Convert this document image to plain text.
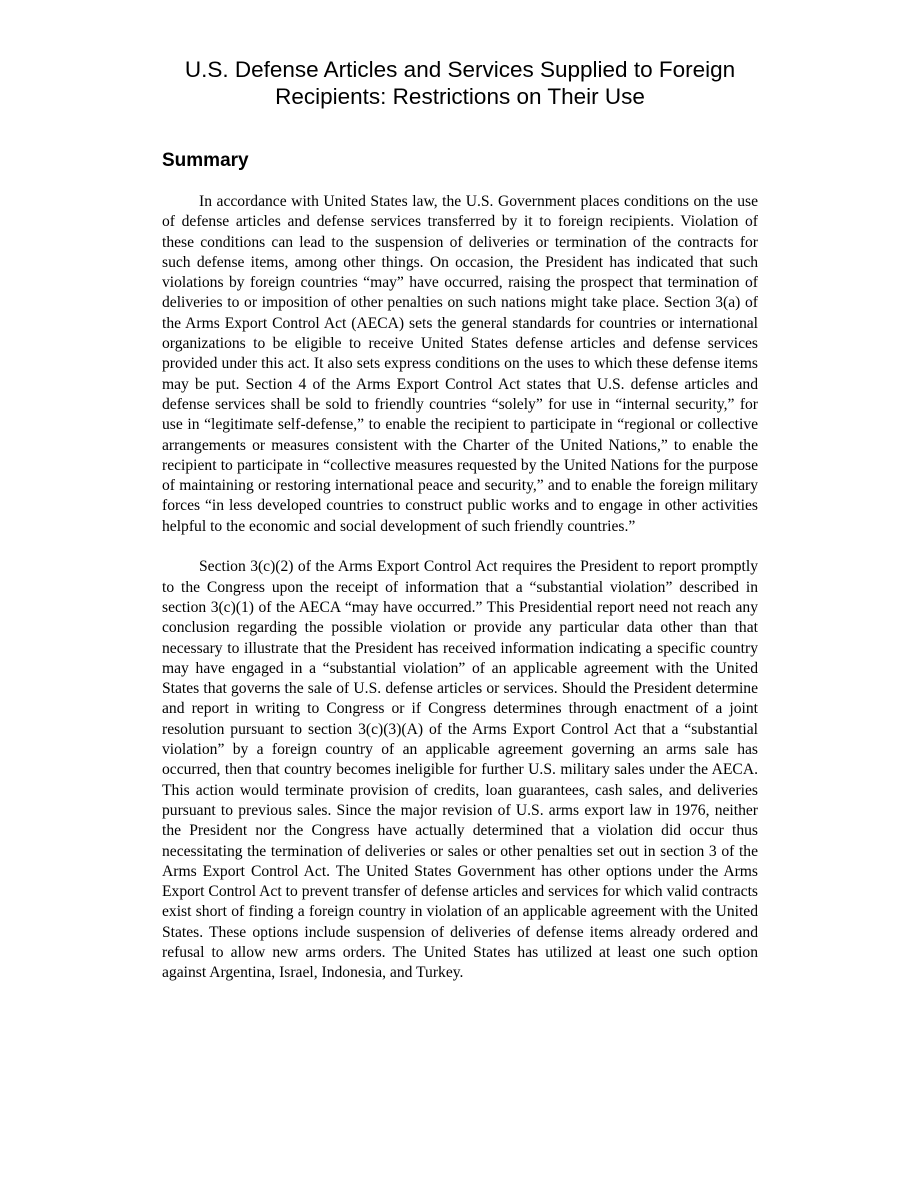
U.S. Defense Articles and Services Supplied to Foreign Recipients: Restrictions on Their Use
Summary

In accordance with United States law, the U.S. Government places conditions on the use of defense articles and defense services transferred by it to foreign recipients. Violation of these conditions can lead to the suspension of deliveries or termination of the contracts for such defense items, among other things. On occasion, the President has indicated that such violations by foreign countries “may” have occurred, raising the prospect that termination of deliveries to or imposition of other penalties on such nations might take place. Section 3(a) of the Arms Export Control Act (AECA) sets the general standards for countries or international organizations to be eligible to receive United States defense articles and defense services provided under this act. It also sets express conditions on the uses to which these defense items may be put. Section 4 of the Arms Export Control Act states that U.S. defense articles and defense services shall be sold to friendly countries “solely” for use in “internal security,” for use in “legitimate self-defense,” to enable the recipient to participate in “regional or collective arrangements or measures consistent with the Charter of the United Nations,” to enable the recipient to participate in “collective measures requested by the United Nations for the purpose of maintaining or restoring international peace and security,” and to enable the foreign military forces “in less developed countries to construct public works and to engage in other activities helpful to the economic and social development of such friendly countries.”

Section 3(c)(2) of the Arms Export Control Act requires the President to report promptly to the Congress upon the receipt of information that a “substantial violation” described in section 3(c)(1) of the AECA “may have occurred.” This Presidential report need not reach any conclusion regarding the possible violation or provide any particular data other than that necessary to illustrate that the President has received information indicating a specific country may have engaged in a “substantial violation” of an applicable agreement with the United States that governs the sale of U.S. defense articles or services. Should the President determine and report in writing to Congress or if Congress determines through enactment of a joint resolution pursuant to section 3(c)(3)(A) of the Arms Export Control Act that a “substantial violation” by a foreign country of an applicable agreement governing an arms sale has occurred, then that country becomes ineligible for further U.S. military sales under the AECA. This action would terminate provision of credits, loan guarantees, cash sales, and deliveries pursuant to previous sales. Since the major revision of U.S. arms export law in 1976, neither the President nor the Congress have actually determined that a violation did occur thus necessitating the termination of deliveries or sales or other penalties set out in section 3 of the Arms Export Control Act. The United States Government has other options under the Arms Export Control Act to prevent transfer of defense articles and services for which valid contracts exist short of finding a foreign country in violation of an applicable agreement with the United States. These options include suspension of deliveries of defense items already ordered and refusal to allow new arms orders. The United States has utilized at least one such option against Argentina, Israel, Indonesia, and Turkey.
